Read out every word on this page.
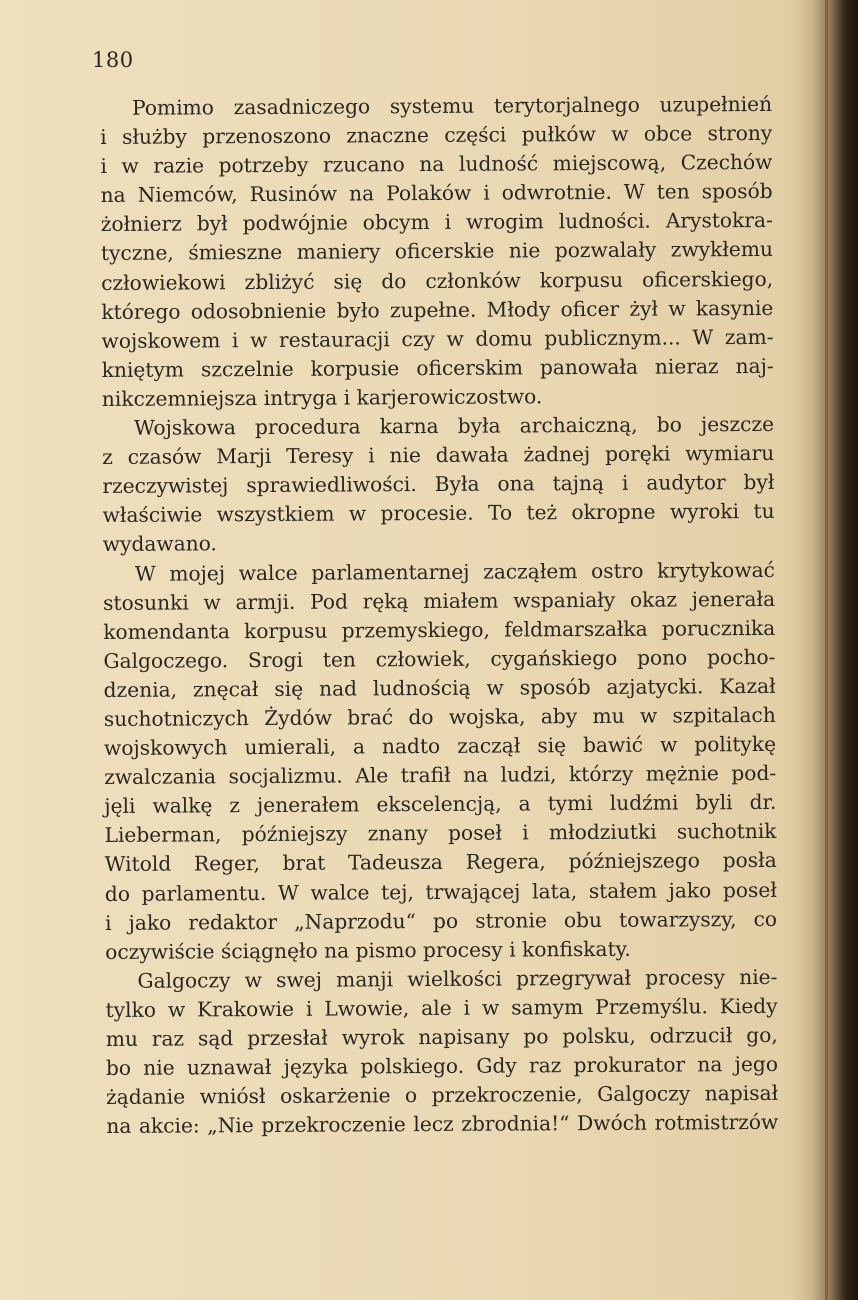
180
Pomimo zasadniczego systemu terytorjalnego uzupełnień
i służby przenoszono znaczne części pułków w obce strony
i w razie potrzeby rzucano na ludność miejscową, Czechów
na Niemców, Rusinów na Polaków i odwrotnie. W ten sposób
żołnierz był podwójnie obcym i wrogim ludności. Arystokra-
tyczne, śmieszne maniery oficerskie nie pozwalały zwykłemu
człowiekowi zbliżyć się do członków korpusu oficerskiego,
którego odosobnienie było zupełne. Młody oficer żył w kasynie
wojskowem i w restauracji czy w domu publicznym... W zam-
kniętym szczelnie korpusie oficerskim panowała nieraz naj-
nikczemniejsza intryga i karjerowiczostwo.
Wojskowa procedura karna była archaiczną, bo jeszcze
z czasów Marji Teresy i nie dawała żadnej poręki wymiaru
rzeczywistej sprawiedliwości. Była ona tajną i audytor był
właściwie wszystkiem w procesie. To też okropne wyroki tu
wydawano.
W mojej walce parlamentarnej zacząłem ostro krytykować
stosunki w armji. Pod ręką miałem wspaniały okaz jenerała
komendanta korpusu przemyskiego, feldmarszałka porucznika
Galgoczego. Srogi ten człowiek, cygańskiego pono pocho-
dzenia, znęcał się nad ludnością w sposób azjatycki. Kazał
suchotniczych Żydów brać do wojska, aby mu w szpitalach
wojskowych umierali, a nadto zaczął się bawić w politykę
zwalczania socjalizmu. Ale trafił na ludzi, którzy mężnie pod-
jęli walkę z jenerałem ekscelencją, a tymi ludźmi byli dr.
Lieberman, późniejszy znany poseł i młodziutki suchotnik
Witold Reger, brat Tadeusza Regera, późniejszego posła
do parlamentu. W walce tej, trwającej lata, stałem jako poseł
i jako redaktor „Naprzodu“ po stronie obu towarzyszy, co
oczywiście ściągnęło na pismo procesy i konfiskaty.
Galgoczy w swej manji wielkości przegrywał procesy nie-
tylko w Krakowie i Lwowie, ale i w samym Przemyślu. Kiedy
mu raz sąd przesłał wyrok napisany po polsku, odrzucił go,
bo nie uznawał języka polskiego. Gdy raz prokurator na jego
żądanie wniósł oskarżenie o przekroczenie, Galgoczy napisał
na akcie: „Nie przekroczenie lecz zbrodnia!“ Dwóch rotmistrzów
